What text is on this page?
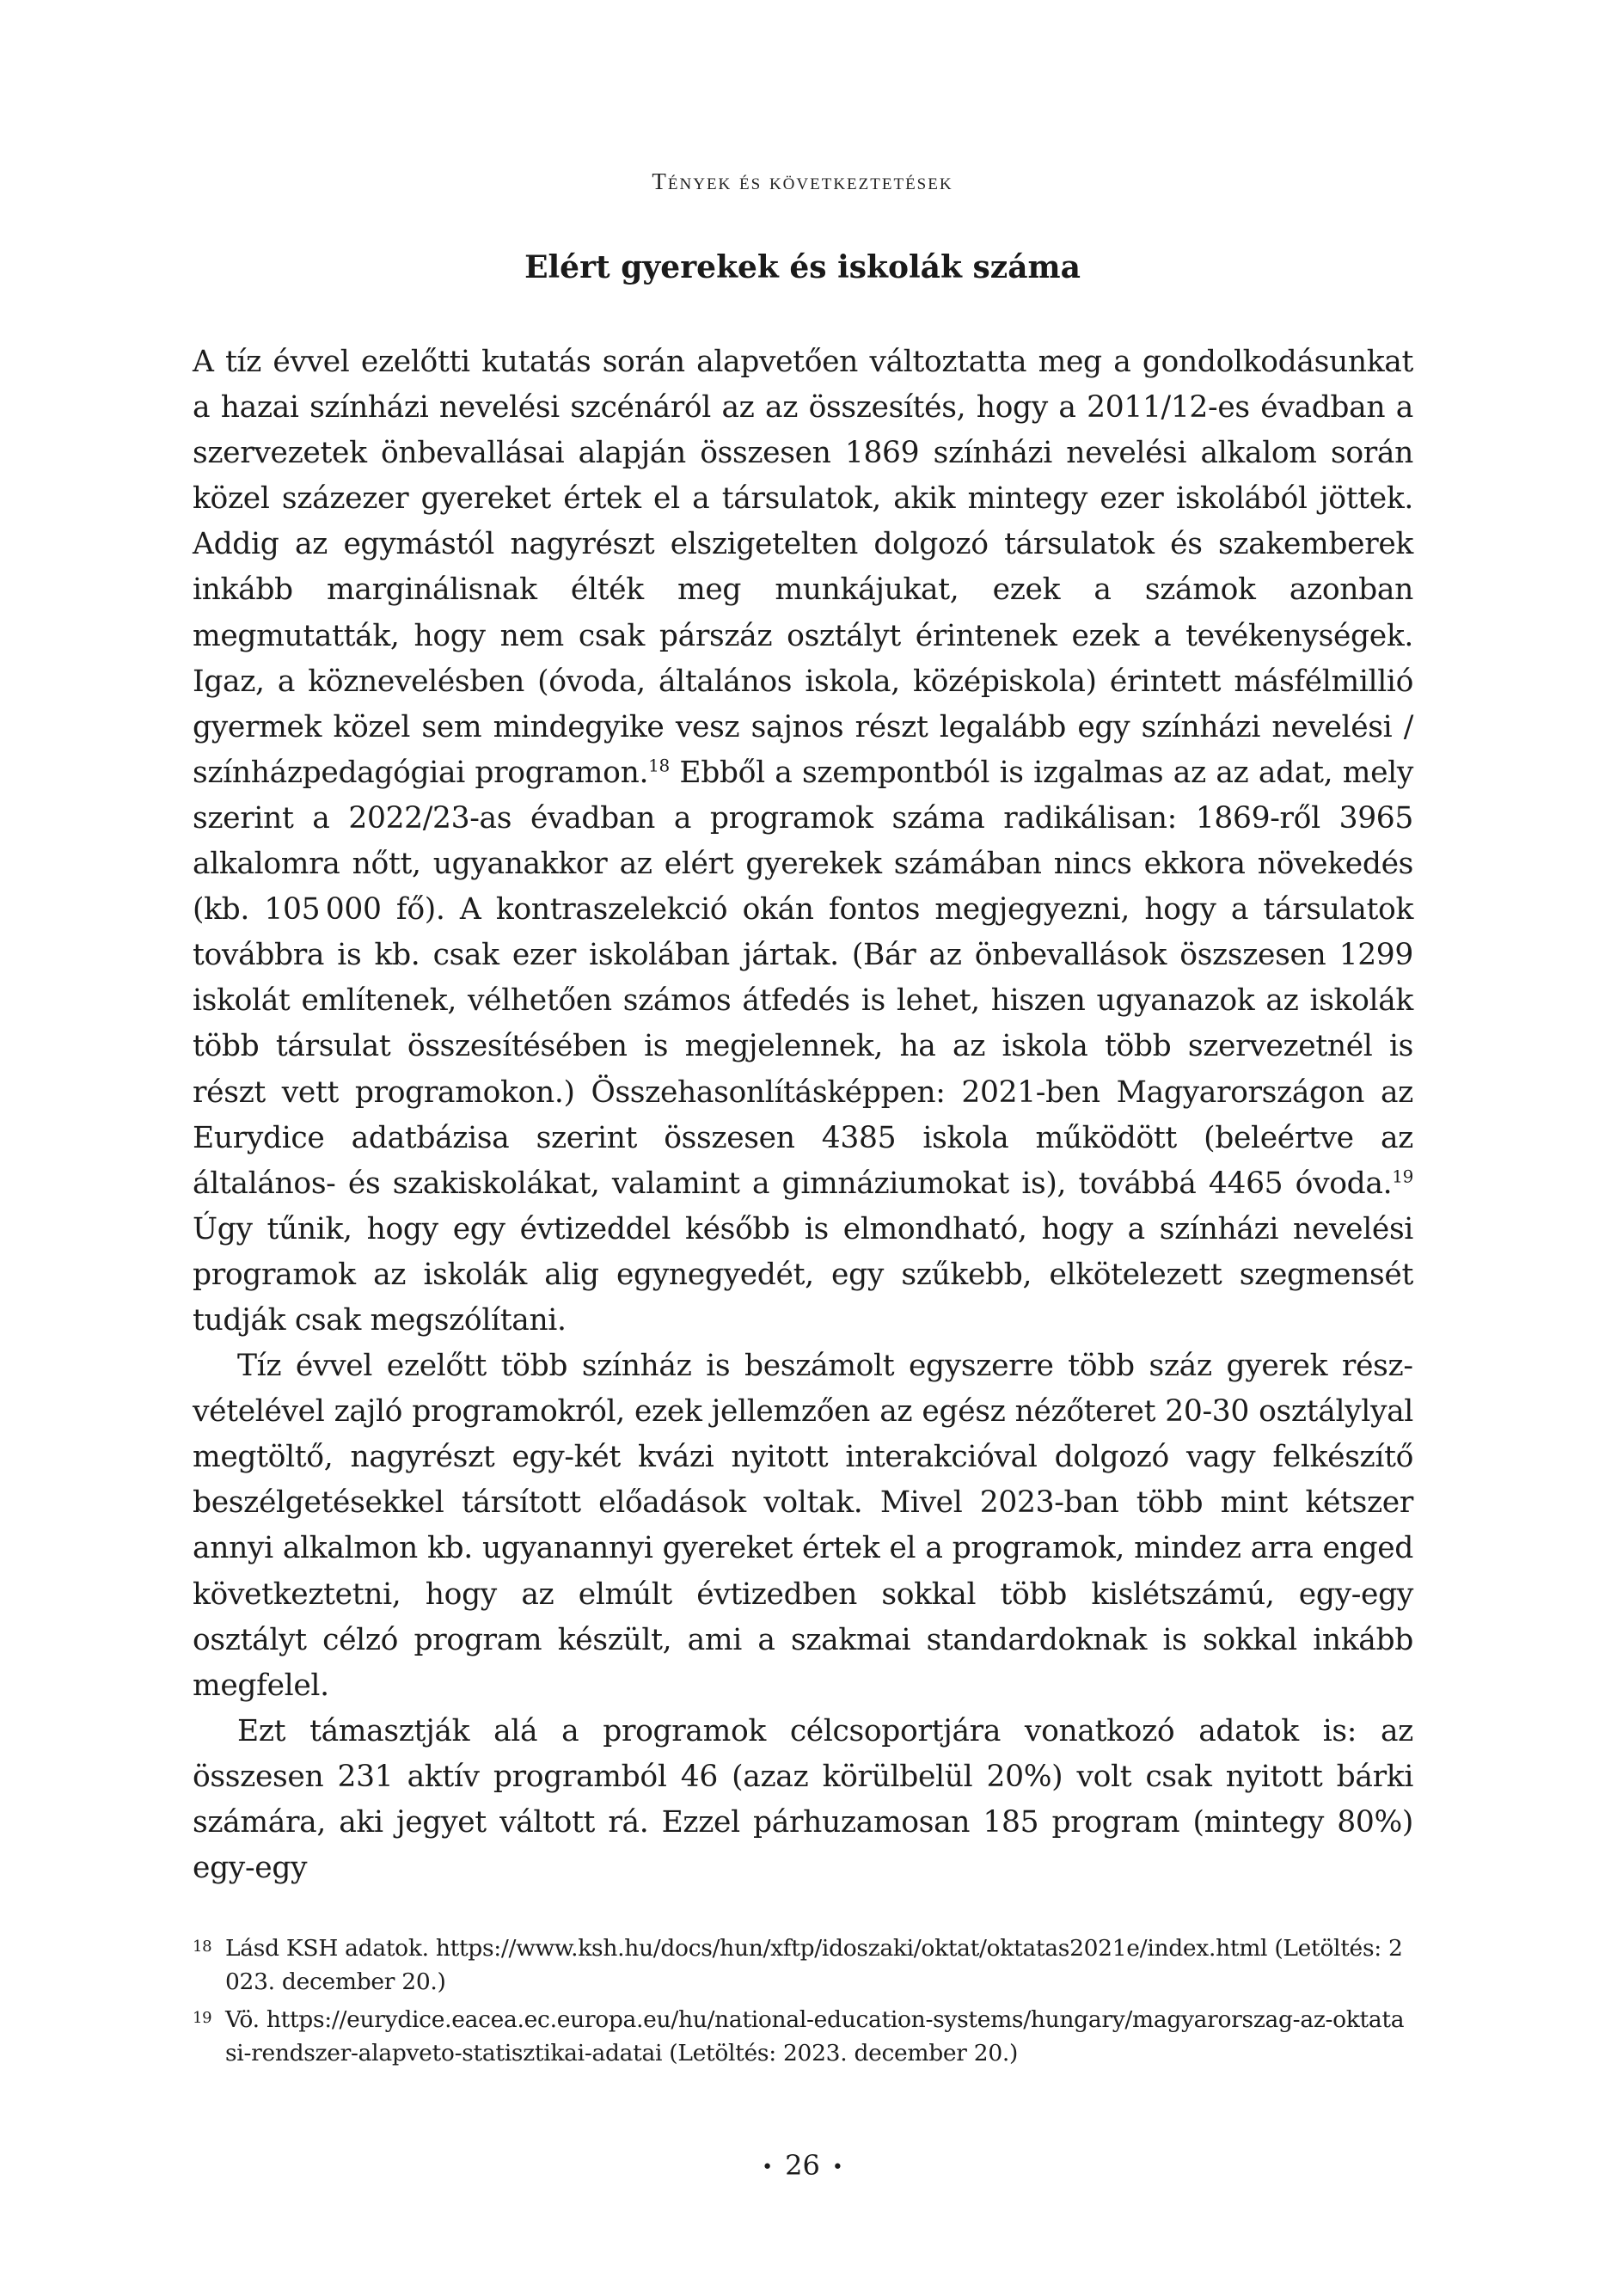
Tények és következtetések
Elért gyerekek és iskolák száma

A tíz évvel ezelőtti kutatás során alapvetően változtatta meg a gondolkodásunkat a hazai színházi nevelési szcénáról az az összesítés, hogy a 2011/12-es évadban a szervezetek önbevallásai alapján összesen 1869 színházi nevelési alkalom során közel százezer gyereket értek el a társulatok, akik mintegy ezer iskolából jöttek. Addig az egymástól nagyrészt elszigetelten dolgozó társulatok és szakemberek inkább marginálisnak élték meg munkájukat, ezek a számok azonban megmutatták, hogy nem csak párszáz osztályt érintenek ezek a tevékenységek. Igaz, a köznevelésben (óvoda, általános iskola, középiskola) érintett másfélmillió gyermek közel sem mindegyike vesz sajnos részt legalább egy színházi nevelési / színházpedagógiai programon.$^{18}$ Ebből a szempontból is izgalmas az az adat, mely szerint a 2022/23-as évadban a programok száma radikálisan: 1869-ről 3965 alkalomra nőtt, ugyanakkor az elért gyerekek számában nincs ekkora növekedés (kb. 105 000 fő). A kontraszelekció okán fontos megjegyezni, hogy a társulatok továbbra is kb. csak ezer iskolában jártak. (Bár az önbevallások öszszesen 1299 iskolát említenek, vélhetően számos átfedés is lehet, hiszen ugyanazok az iskolák több társulat összesítésében is megjelennek, ha az iskola több szervezetnél is részt vett programokon.) Összehasonlításképpen: 2021-ben Magyarországon az Eurydice adatbázisa szerint összesen 4385 iskola működött (beleértve az általános- és szakiskolákat, valamint a gimnáziumokat is), továbbá 4465 óvoda.$^{19}$ Úgy tűnik, hogy egy évtizeddel később is elmondható, hogy a színházi nevelési programok az iskolák alig egynegyedét, egy szűkebb, elkötelezett szegmensét tudják csak megszólítani.

Tíz évvel ezelőtt több színház is beszámolt egyszerre több száz gyerek részvételével zajló programokról, ezek jellemzően az egész nézőteret 20-30 osztálylyal megtöltő, nagyrészt egy-két kvázi nyitott interakcióval dolgozó vagy felkészítő beszélgetésekkel társított előadások voltak. Mivel 2023-ban több mint kétszer annyi alkalmon kb. ugyanannyi gyereket értek el a programok, mindez arra enged következtetni, hogy az elmúlt évtizedben sokkal több kislétszámú, egy-egy osztályt célzó program készült, ami a szakmai standardoknak is sokkal inkább megfelel.

Ezt támasztják alá a programok célcsoportjára vonatkozó adatok is: az összesen 231 aktív programból 46 (azaz körülbelül 20%) volt csak nyitott bárki számára, aki jegyet váltott rá. Ezzel párhuzamosan 185 program (mintegy 80%) egy-egy

18 Lásd KSH adatok. https://www.ksh.hu/docs/hun/xftp/idoszaki/oktat/oktatas2021e/index.html (Letöltés: 2023. december 20.)
19 Vö. https://eurydice.eacea.ec.europa.eu/hu/national-education-systems/hungary/magyarorszag-az-oktatasi-rendszer-alapveto-statisztikai-adatai (Letöltés: 2023. december 20.)
• 26 •
